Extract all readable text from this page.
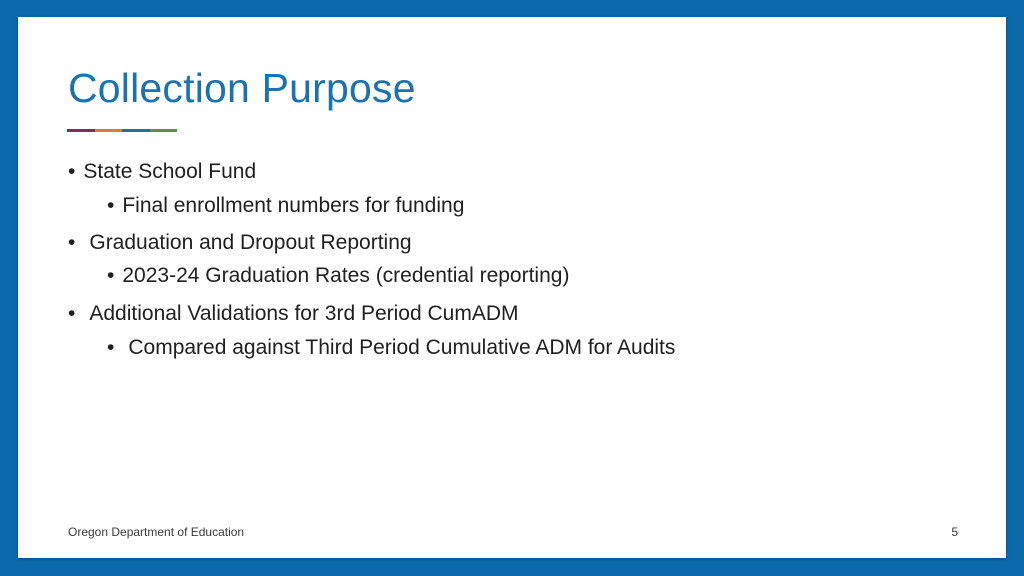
Collection Purpose
• State School Fund
• Final enrollment numbers for funding
• Graduation and Dropout Reporting
• 2023-24 Graduation Rates (credential reporting)
• Additional Validations for 3rd Period CumADM
• Compared against Third Period Cumulative ADM for Audits
Oregon Department of Education	5
